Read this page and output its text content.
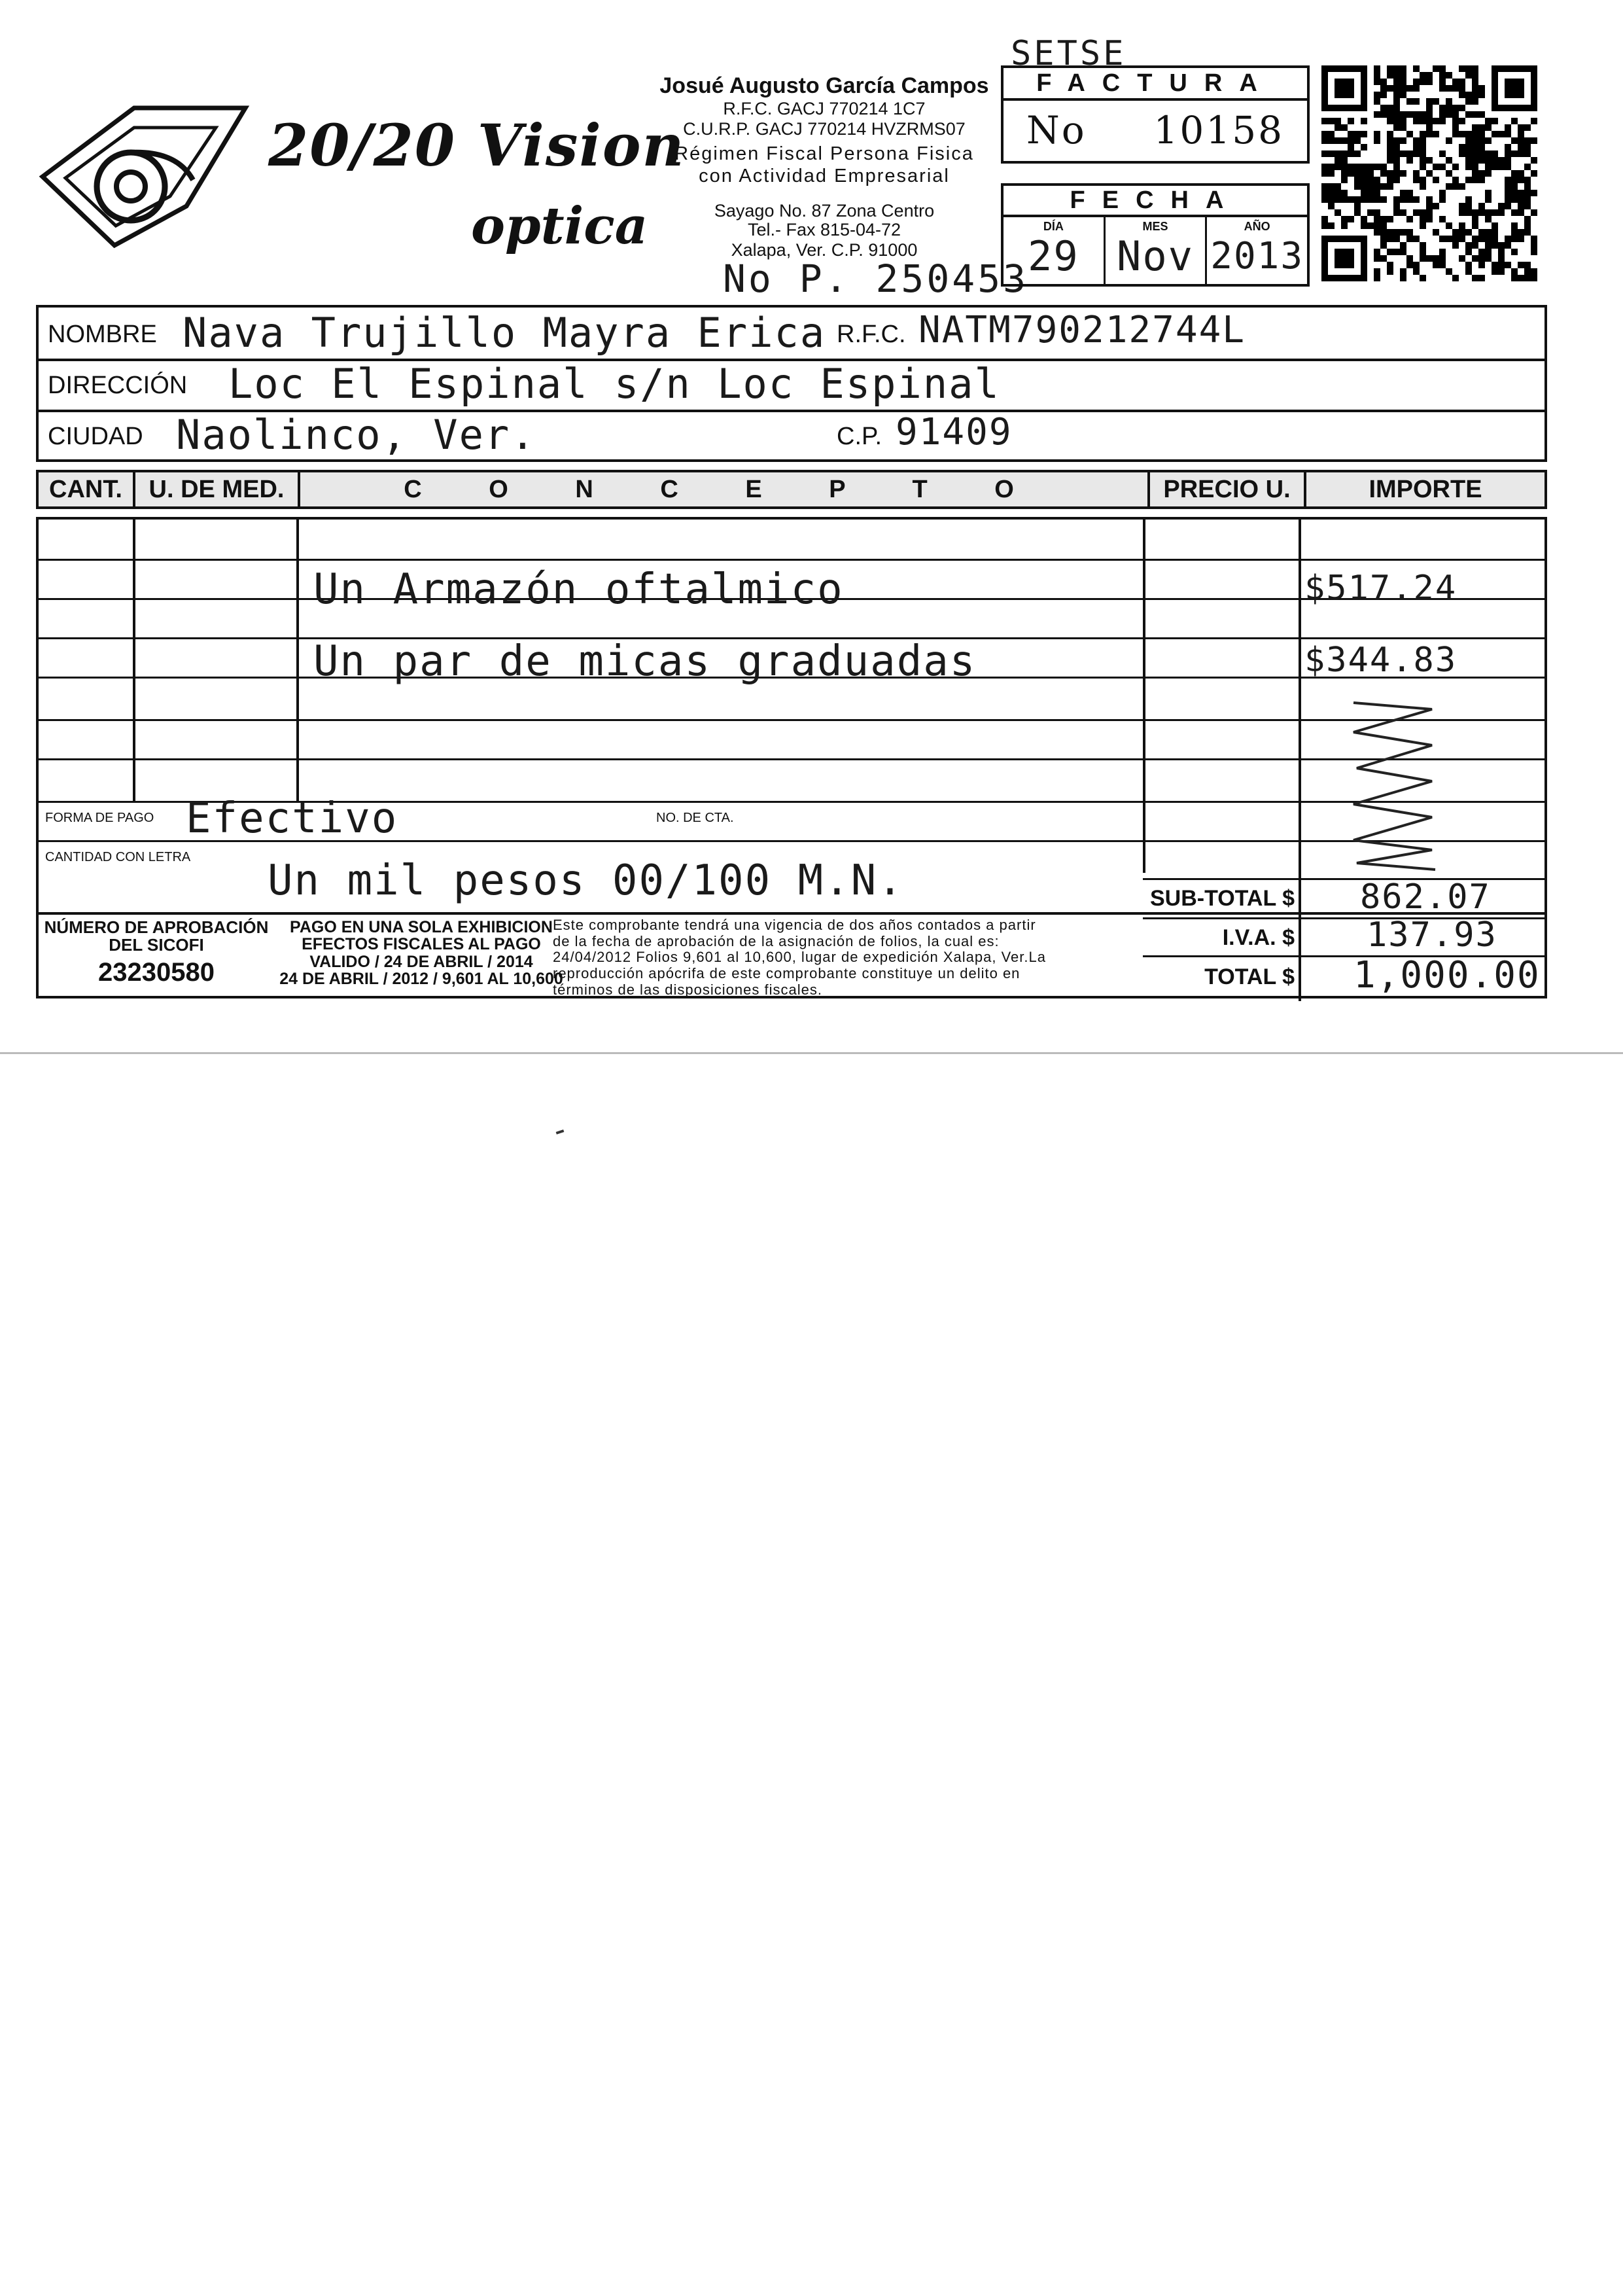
20/20 Vision
optica
Josué Augusto García Campos
R.F.C. GACJ 770214 1C7
C.U.R.P. GACJ 770214 HVZRMS07
Régimen Fiscal Persona Fisica
con Actividad Empresarial
Sayago No. 87 Zona Centro
Tel.- Fax 815-04-72
Xalapa, Ver. C.P. 91000
SETSE
No P. 250453
FACTURA
No 10158
FECHA
DÍA
29
MES
Nov
AÑO
2013
NOMBRE Nava Trujillo Mayra Erica R.F.C. NATM790212744L
DIRECCIÓN Loc El Espinal s/n Loc Espinal
CIUDAD Naolinco, Ver.	C.P. 91409
CANT.	U. DE MED.	C O N C E P T O	PRECIO U.	IMPORTE
Un Armazón oftalmico	$517.24
Un par de micas graduadas	$344.83
FORMA DE PAGO Efectivo	NO. DE CTA.
CANTIDAD CON LETRA Un mil pesos 00/100 M.N.
NÚMERO DE APROBACIÓN
DEL SICOFI
23230580
PAGO EN UNA SOLA EXHIBICION
EFECTOS FISCALES AL PAGO
VALIDO / 24 DE ABRIL / 2014
24 DE ABRIL / 2012 / 9,601 AL 10,600
Este comprobante tendrá una vigencia de dos años contados a partir
de la fecha de aprobación de la asignación de folios, la cual es:
24/04/2012 Folios 9,601 al 10,600, lugar de expedición Xalapa, Ver.La
reproducción apócrifa de este comprobante constituye un delito en
términos de las disposiciones fiscales.
SUB-TOTAL $ 862.07
I.V.A. $ 137.93
TOTAL $ 1,000.00
